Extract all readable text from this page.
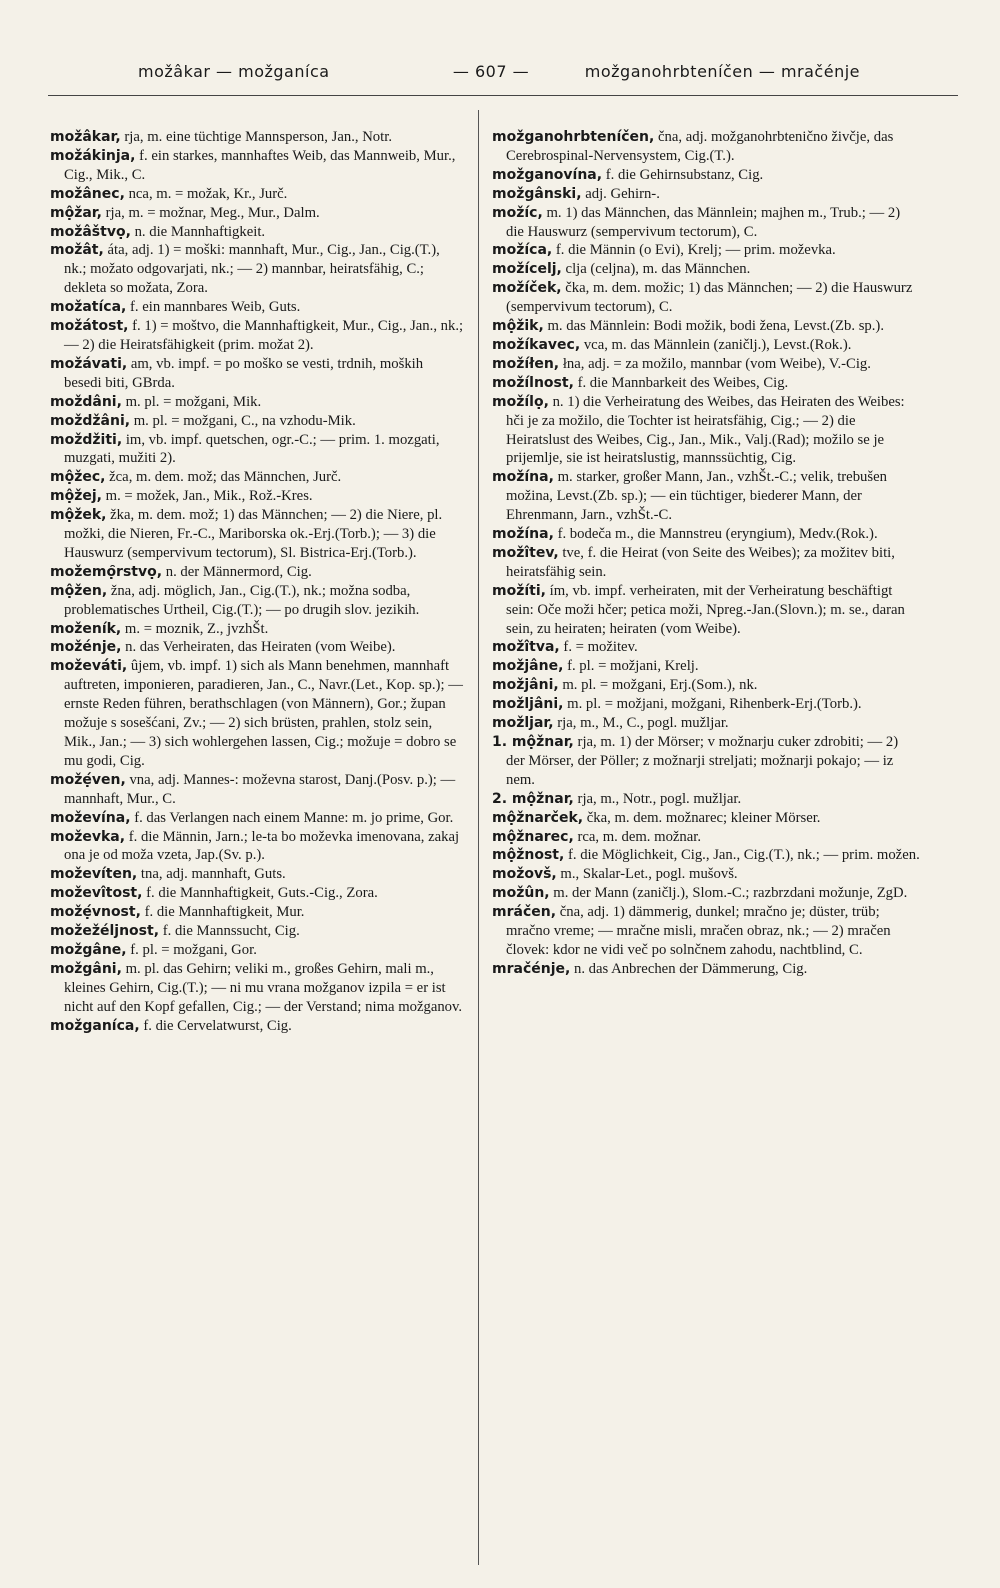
možâkar — možganíca	— 607 —	možganohrbteníčen — mračénje

možâkar, rja, m. eine tüchtige Mannsperson, Jan., Notr.

možákinja, f. ein starkes, mannhaftes Weib, das Mannweib, Mur., Cig., Mik., C.

možânec, nca, m. = možak, Kr., Jurč.

mộžar, rja, m. = možnar, Meg., Mur., Dalm.

možâštvọ, n. die Mannhaftigkeit.

možât, áta, adj. 1) = moški: mannhaft, Mur., Cig., Jan., Cig.(T.), nk.; možato odgovarjati, nk.; — 2) mannbar, heiratsfähig, C.; dekleta so možata, Zora.

možatíca, f. ein mannbares Weib, Guts.

možátost, f. 1) = moštvo, die Mannhaftigkeit, Mur., Cig., Jan., nk.; — 2) die Heiratsfähigkeit (prim. možat 2).

možávati, am, vb. impf. = po moško se vesti, trdnih, moških besedi biti, GBrda.

moždâni, m. pl. = možgani, Mik.

moždžâni, m. pl. = možgani, C., na vzhodu-Mik.

moždžiti, im, vb. impf. quetschen, ogr.-C.; — prim. 1. mozgati, muzgati, mužiti 2).

mộžec, žca, m. dem. mož; das Männchen, Jurč.

mộžej, m. = možek, Jan., Mik., Rož.-Kres.

mộžek, žka, m. dem. mož; 1) das Männchen; — 2) die Niere, pl. možki, die Nieren, Fr.-C., Mariborska ok.-Erj.(Torb.); — 3) die Hauswurz (sempervivum tectorum), Sl. Bistrica-Erj.(Torb.).

možemọ̑rstvọ, n. der Männermord, Cig.

mộžen, žna, adj. möglich, Jan., Cig.(T.), nk.; možna sodba, problematisches Urtheil, Cig.(T.); — po drugih slov. jezikih.

moženík, m. = moznik, Z., jvzhŠt.

možénje, n. das Verheiraten, das Heiraten (vom Weibe).

moževáti, ûjem, vb. impf. 1) sich als Mann benehmen, mannhaft auftreten, imponieren, paradieren, Jan., C., Navr.(Let., Kop. sp.); — ernste Reden führen, berathschlagen (von Männern), Gor.; župan možuje s sosešćani, Zv.; — 2) sich brüsten, prahlen, stolz sein, Mik., Jan.; — 3) sich wohlergehen lassen, Cig.; možuje = dobro se mu godi, Cig.

možẹ́ven, vna, adj. Mannes-: moževna starost, Danj.(Posv. p.); — mannhaft, Mur., C.

moževína, f. das Verlangen nach einem Manne: m. jo prime, Gor.

moževka, f. die Männin, Jarn.; le-ta bo moževka imenovana, zakaj ona je od moža vzeta, Jap.(Sv. p.).

moževíten, tna, adj. mannhaft, Guts.

moževîtost, f. die Mannhaftigkeit, Guts.-Cig., Zora.

možẹ́vnost, f. die Mannhaftigkeit, Mur.

možežéljnost, f. die Mannssucht, Cig.

možgâne, f. pl. = možgani, Gor.

možgâni, m. pl. das Gehirn; veliki m., großes Gehirn, mali m., kleines Gehirn, Cig.(T.); — ni mu vrana možganov izpila = er ist nicht auf den Kopf gefallen, Cig.; — der Verstand; nima možganov.

možganíca, f. die Cervelatwurst, Cig.

možganohrbteníčen, čna, adj. možganohrbtenično živčje, das Cerebrospinal-Nervensystem, Cig.(T.).

možganovína, f. die Gehirnsubstanz, Cig.

možgânski, adj. Gehirn-.

možíc, m. 1) das Männchen, das Männlein; majhen m., Trub.; — 2) die Hauswurz (sempervivum tectorum), C.

možíca, f. die Männin (o Evi), Krelj; — prim. moževka.

možícelj, clja (celjna), m. das Männchen.

možíček, čka, m. dem. možic; 1) das Männchen; — 2) die Hauswurz (sempervivum tectorum), C.

mộžik, m. das Männlein: Bodi možik, bodi žena, Levst.(Zb. sp.).

možíkavec, vca, m. das Männlein (zaničlj.), Levst.(Rok.).

možíłen, łna, adj. = za možilo, mannbar (vom Weibe), V.-Cig.

možílnost, f. die Mannbarkeit des Weibes, Cig.

možílọ, n. 1) die Verheiratung des Weibes, das Heiraten des Weibes: hči je za možilo, die Tochter ist heiratsfähig, Cig.; — 2) die Heiratslust des Weibes, Cig., Jan., Mik., Valj.(Rad); možilo se je prijemlje, sie ist heiratslustig, mannssüchtig, Cig.

možína, m. starker, großer Mann, Jan., vzhŠt.-C.; velik, trebušen možina, Levst.(Zb. sp.); — ein tüchtiger, biederer Mann, der Ehrenmann, Jarn., vzhŠt.-C.

možína, f. bodeča m., die Mannstreu (eryngium), Medv.(Rok.).

možîtev, tve, f. die Heirat (von Seite des Weibes); za možitev biti, heiratsfähig sein.

možíti, ím, vb. impf. verheiraten, mit der Verheiratung beschäftigt sein: Oče moži hčer; petica moži, Npreg.-Jan.(Slovn.); m. se., daran sein, zu heiraten; heiraten (vom Weibe).

možîtva, f. = možitev.

možjâne, f. pl. = možjani, Krelj.

možjâni, m. pl. = možgani, Erj.(Som.), nk.

možljâni, m. pl. = možjani, možgani, Rihenberk-Erj.(Torb.).

možljar, rja, m., M., C., pogl. mužljar.

1. mộžnar, rja, m. 1) der Mörser; v možnarju cuker zdrobiti; — 2) der Mörser, der Pöller; z možnarji streljati; možnarji pokajo; — iz nem.

2. mộžnar, rja, m., Notr., pogl. mužljar.

mộžnarček, čka, m. dem. možnarec; kleiner Mörser.

mộžnarec, rca, m. dem. možnar.

mộžnost, f. die Möglichkeit, Cig., Jan., Cig.(T.), nk.; — prim. možen.

možovš, m., Skalar-Let., pogl. mušovš.

možûn, m. der Mann (zaničlj.), Slom.-C.; razbrzdani možunje, ZgD.

mráčen, čna, adj. 1) dämmerig, dunkel; mračno je; düster, trüb; mračno vreme; — mračne misli, mračen obraz, nk.; — 2) mračen človek: kdor ne vidi več po solnčnem zahodu, nachtblind, C.

mračénje, n. das Anbrechen der Dämmerung, Cig.
